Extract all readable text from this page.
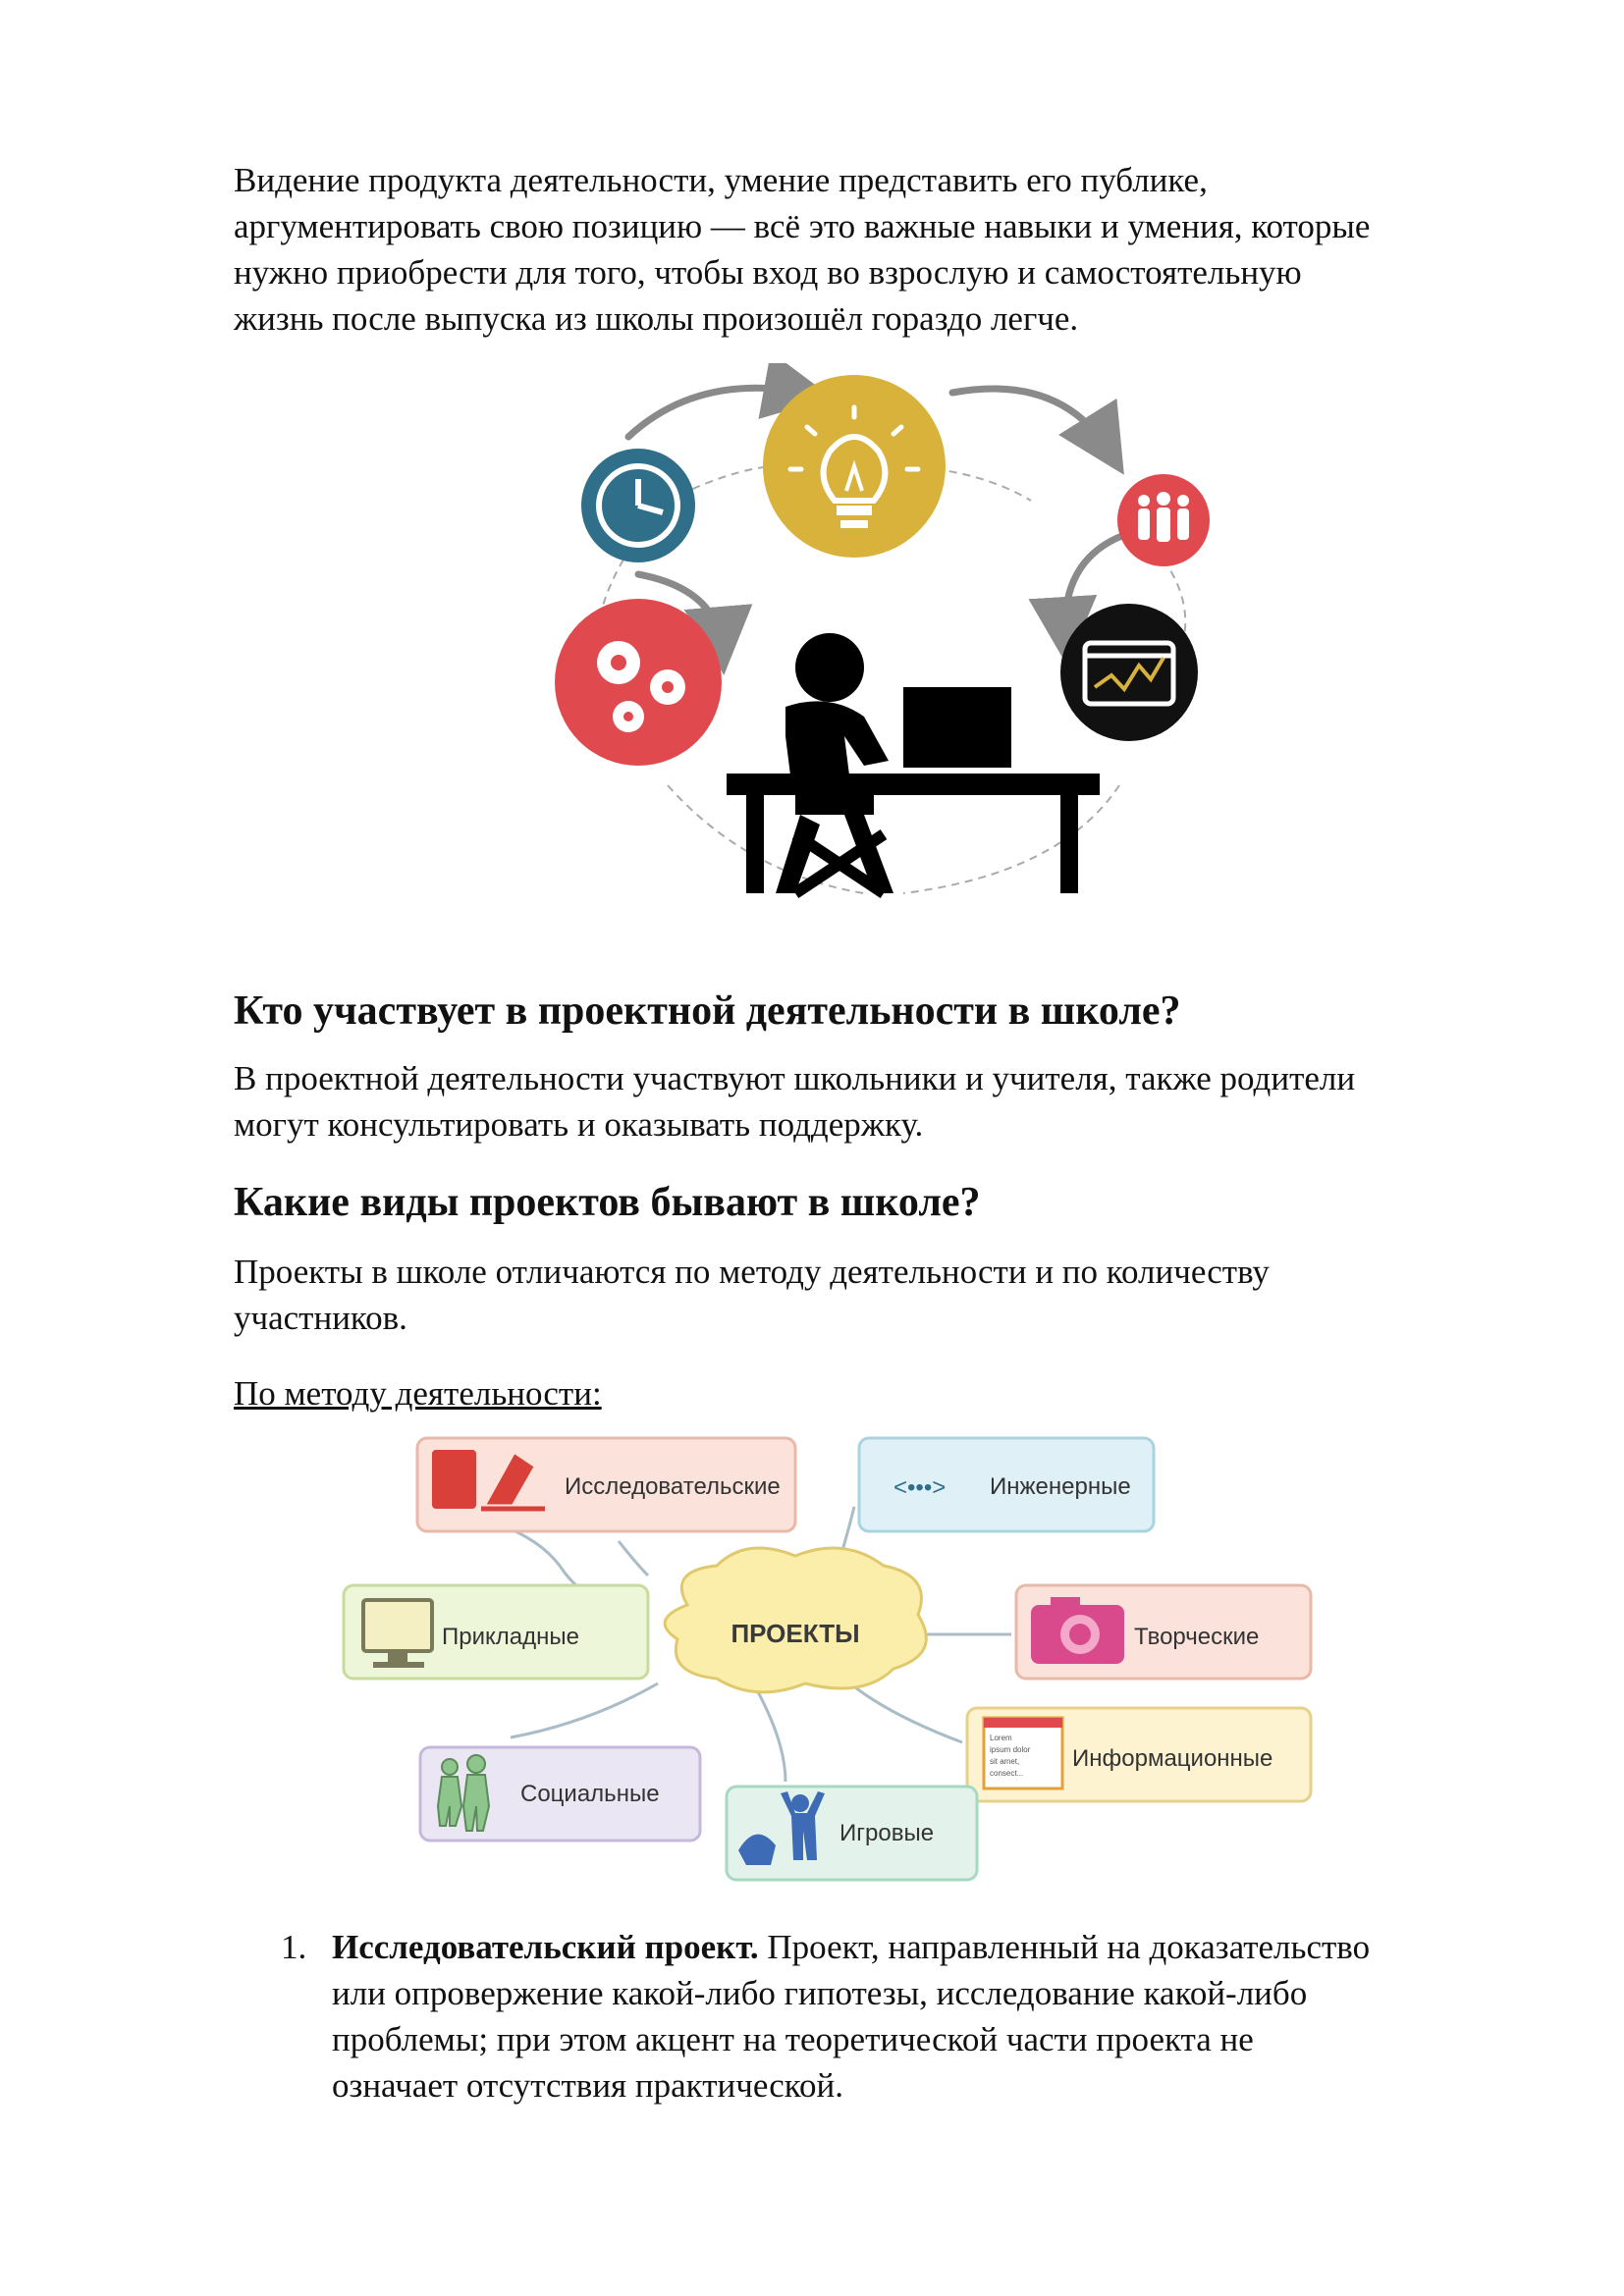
Видение продукта деятельности, умение представить его публике,
аргументировать свою позицию — всё это важные навыки и умения, которые
нужно приобрести для того, чтобы вход во взрослую и самостоятельную
жизнь после выпуска из школы произошёл гораздо легче.

Кто участвует в проектной деятельности в школе?

В проектной деятельности участвуют школьники и учителя, также родители
могут консультировать и оказывать поддержку.

Какие виды проектов бывают в школе?

Проекты в школе отличаются по методу деятельности и по количеству
участников.

По методу деятельности:

ПРОЕКТЫ
Исследовательские	<•••> Инженерные
Прикладные	Творческие
Lorem
ipsum dolor
sit amet,
consect...
Информационные
Социальные
Игровые
1. Исследовательский проект. Проект, направленный на доказательство
или опровержение какой-либо гипотезы, исследование какой-либо
проблемы; при этом акцент на теоретической части проекта не
означает отсутствия практической.
